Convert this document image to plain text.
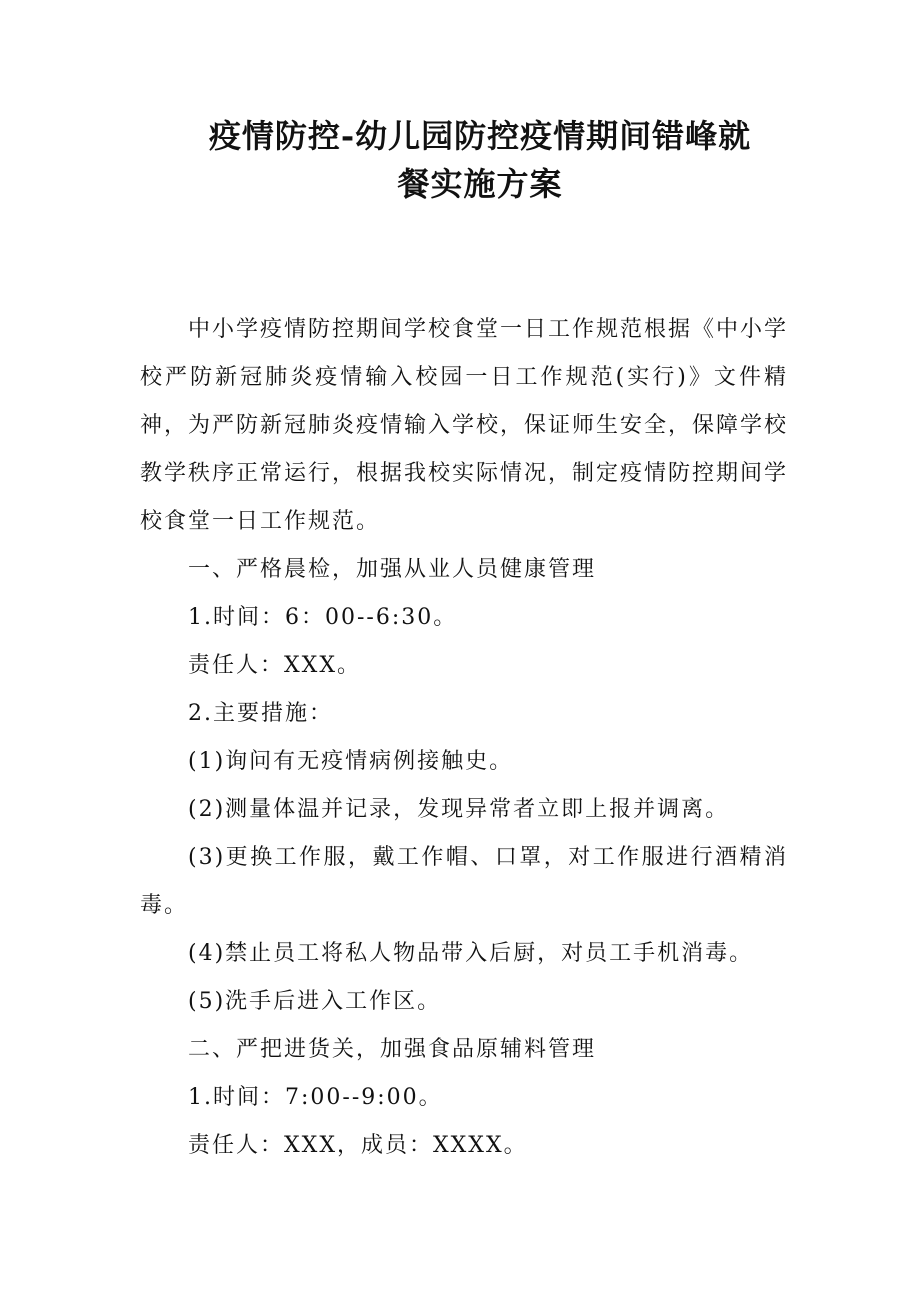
疫情防控-幼儿园防控疫情期间错峰就
餐实施方案

中小学疫情防控期间学校食堂一日工作规范根据《中小学校严防新冠肺炎疫情输入校园一日工作规范(实行)》文件精神，为严防新冠肺炎疫情输入学校，保证师生安全，保障学校教学秩序正常运行，根据我校实际情况，制定疫情防控期间学校食堂一日工作规范。

一、严格晨检，加强从业人员健康管理

1.时间：6：00--6:30。

责任人：XXX。

2.主要措施：

(1)询问有无疫情病例接触史。

(2)测量体温并记录，发现异常者立即上报并调离。

(3)更换工作服，戴工作帽、口罩，对工作服进行酒精消毒。

(4)禁止员工将私人物品带入后厨，对员工手机消毒。

(5)洗手后进入工作区。

二、严把进货关，加强食品原辅料管理

1.时间：7:00--9:00。

责任人：XXX，成员：XXXX。
